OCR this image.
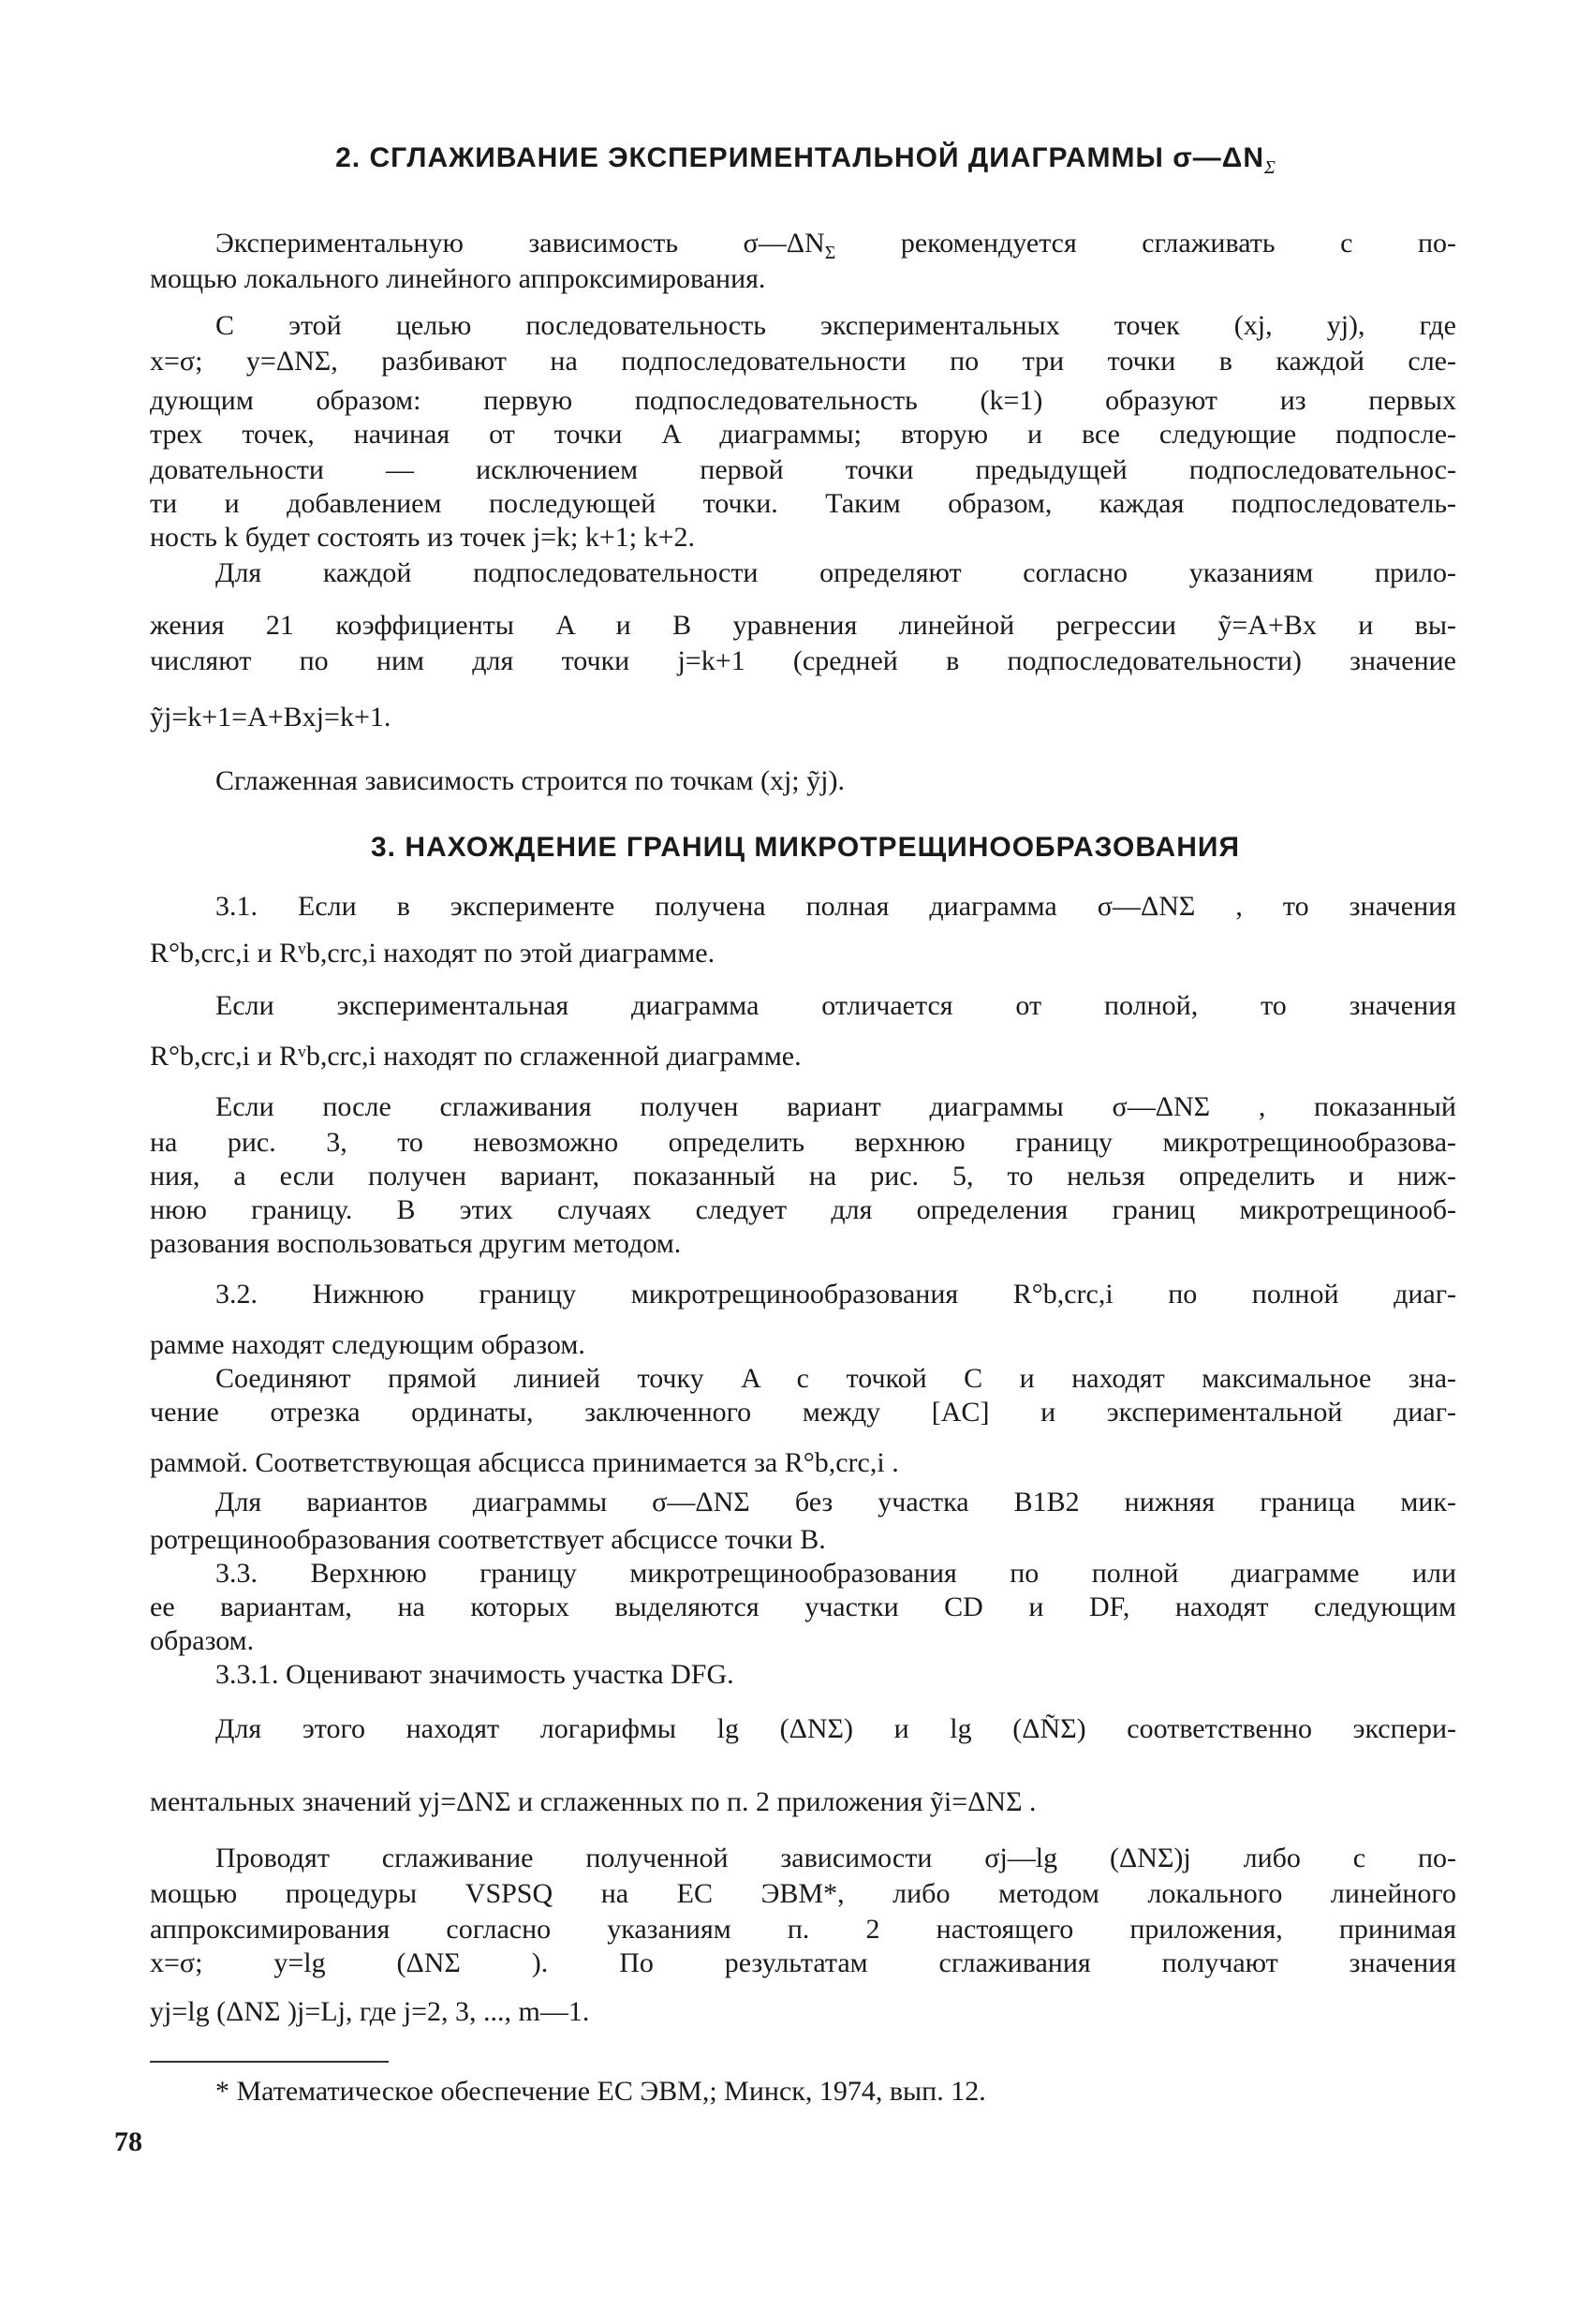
2. СГЛАЖИВАНИЕ ЭКСПЕРИМЕНТАЛЬНОЙ ДИАГРАММЫ $\sigma—\Delta N_\Sigma$
Экспериментальную зависимость $\sigma—\Delta N_\Sigma$ рекомендуется сглаживать с по-
мощью локального линейного аппроксимирования.
С этой целью последовательность экспериментальных точек (xj, yj), где
x=σ; y=ΔNΣ, разбивают на подпоследовательности по три точки в каждой сле-
дующим образом: первую подпоследовательность (k=1) образуют из первых
трех точек, начиная от точки A диаграммы; вторую и все следующие подпосле-
довательности — исключением первой точки предыдущей подпоследовательнос-
ти и добавлением последующей точки. Таким образом, каждая подпоследователь-
ность k будет состоять из точек j=k; k+1; k+2.
Для каждой подпоследовательности определяют согласно указаниям прило-
жения 21 коэффициенты A и B уравнения линейной регрессии ỹ=A+Bx и вы-
числяют по ним для точки j=k+1 (средней в подпоследовательности) значение
ỹj=k+1=A+Bxj=k+1.
Сглаженная зависимость строится по точкам (xj; ỹj).
3. НАХОЖДЕНИЕ ГРАНИЦ МИКРОТРЕЩИНООБРАЗОВАНИЯ
3.1. Если в эксперименте получена полная диаграмма σ—ΔNΣ , то значения
R°b,crc,i и Rᵛb,crc,i находят по этой диаграмме.
Если экспериментальная диаграмма отличается от полной, то значения
R°b,crc,i и Rᵛb,crc,i находят по сглаженной диаграмме.
Если после сглаживания получен вариант диаграммы σ—ΔNΣ , показанный
на рис. 3, то невозможно определить верхнюю границу микротрещинообразова-
ния, а если получен вариант, показанный на рис. 5, то нельзя определить и ниж-
нюю границу. В этих случаях следует для определения границ микротрещинооб-
разования воспользоваться другим методом.
3.2. Нижнюю границу микротрещинообразования R°b,crc,i по полной диаг-
рамме находят следующим образом.
Соединяют прямой линией точку A с точкой C и находят максимальное зна-
чение отрезка ординаты, заключенного между [AC] и экспериментальной диаг-
раммой. Соответствующая абсцисса принимается за R°b,crc,i .
Для вариантов диаграммы σ—ΔNΣ без участка B1B2 нижняя граница мик-
ротрещинообразования соответствует абсциссе точки B.
3.3. Верхнюю границу микротрещинообразования по полной диаграмме или
ее вариантам, на которых выделяются участки CD и DF, находят следующим
образом.
3.3.1. Оценивают значимость участка DFG.
Для этого находят логарифмы lg (ΔNΣ) и lg (ΔÑΣ) соответственно экспери-
ментальных значений yj=ΔNΣ и сглаженных по п. 2 приложения ỹi=ΔNΣ .
Проводят сглаживание полученной зависимости σj—lg (ΔNΣ)j либо с по-
мощью процедуры VSPSQ на ЕС ЭВМ*, либо методом локального линейного
аппроксимирования согласно указаниям п. 2 настоящего приложения, принимая
x=σ; y=lg (ΔNΣ ). По результатам сглаживания получают значения
yj=lg (ΔNΣ )j=Lj, где j=2, 3, ..., m—1.
* Математическое обеспечение ЕС ЭВМ,; Минск, 1974, вып. 12.
78
